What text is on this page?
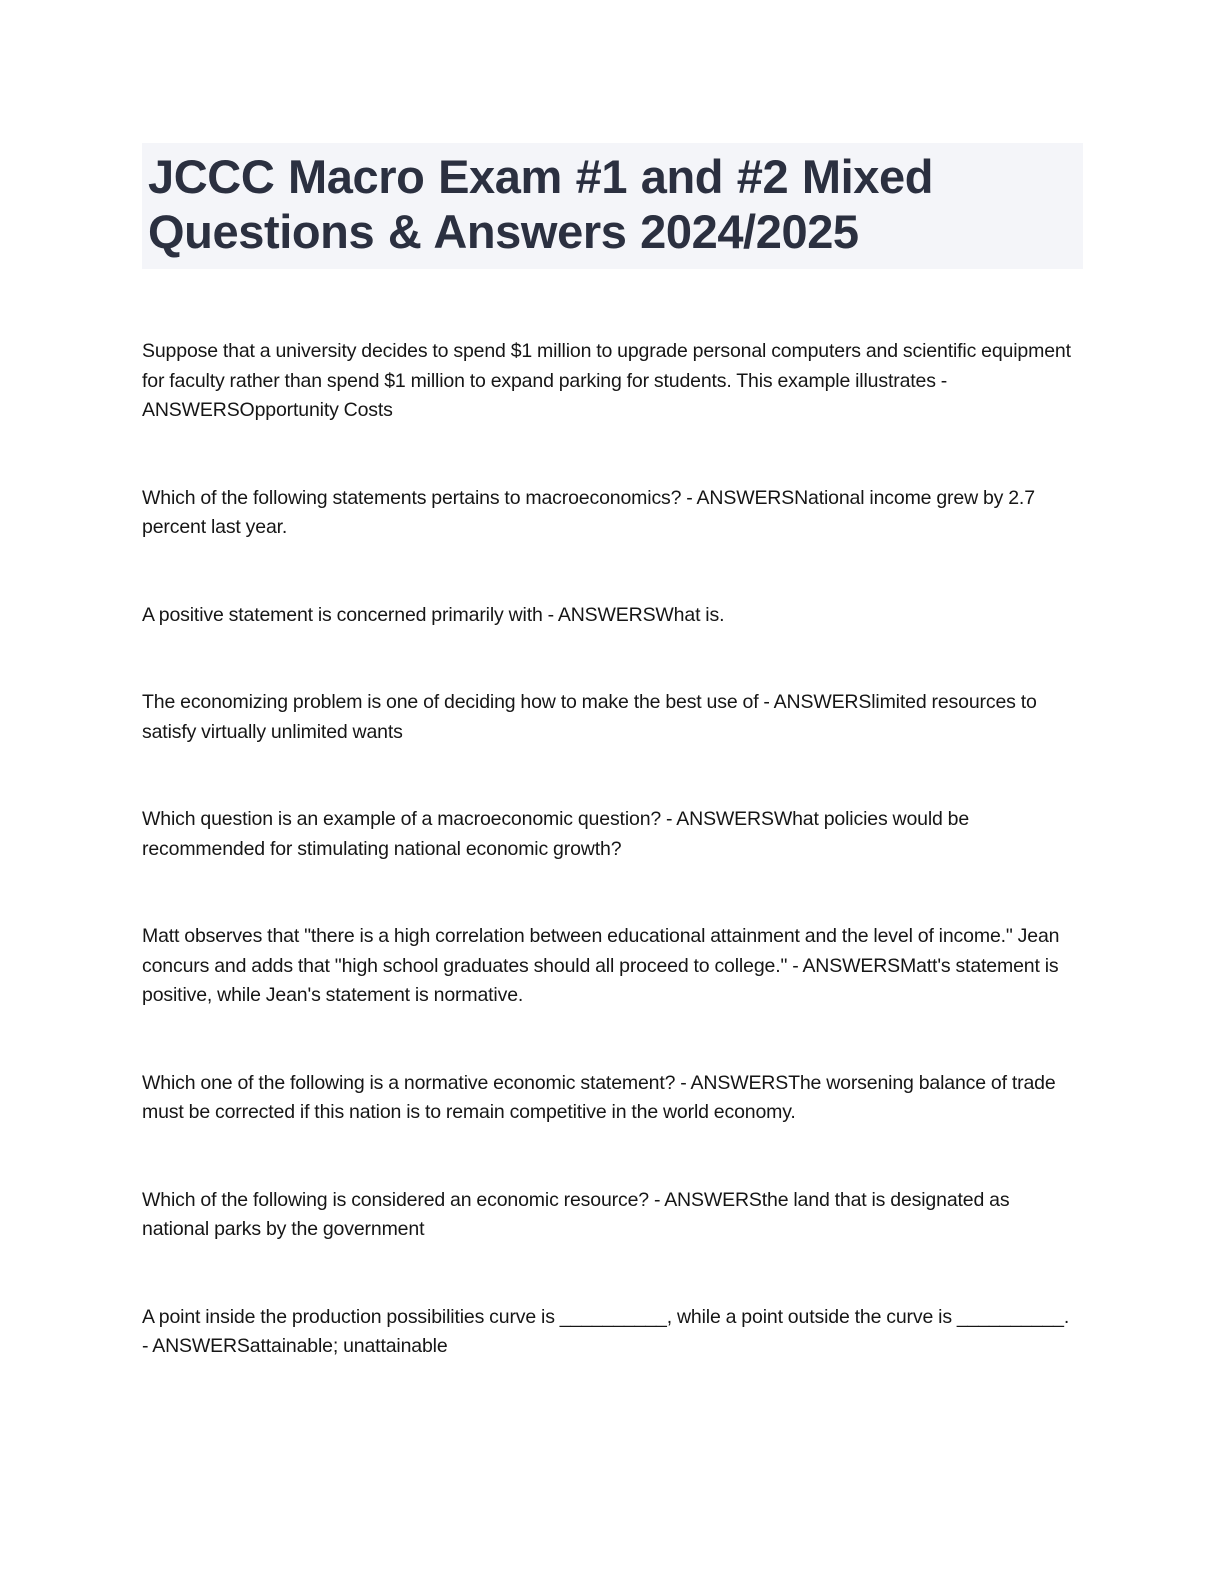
JCCC Macro Exam #1 and #2 Mixed Questions & Answers 2024/2025

Suppose that a university decides to spend $1 million to upgrade personal computers and scientific equipment for faculty rather than spend $1 million to expand parking for students. This example illustrates - ANSWERSOpportunity Costs

Which of the following statements pertains to macroeconomics? - ANSWERSNational income grew by 2.7 percent last year.

A positive statement is concerned primarily with - ANSWERSWhat is.

The economizing problem is one of deciding how to make the best use of - ANSWERSlimited resources to satisfy virtually unlimited wants

Which question is an example of a macroeconomic question? - ANSWERSWhat policies would be recommended for stimulating national economic growth?

Matt observes that "there is a high correlation between educational attainment and the level of income." Jean concurs and adds that "high school graduates should all proceed to college." - ANSWERSMatt's statement is positive, while Jean's statement is normative.

Which one of the following is a normative economic statement? - ANSWERSThe worsening balance of trade must be corrected if this nation is to remain competitive in the world economy.

Which of the following is considered an economic resource? - ANSWERSthe land that is designated as national parks by the government

A point inside the production possibilities curve is __________, while a point outside the curve is __________. - ANSWERSattainable; unattainable
